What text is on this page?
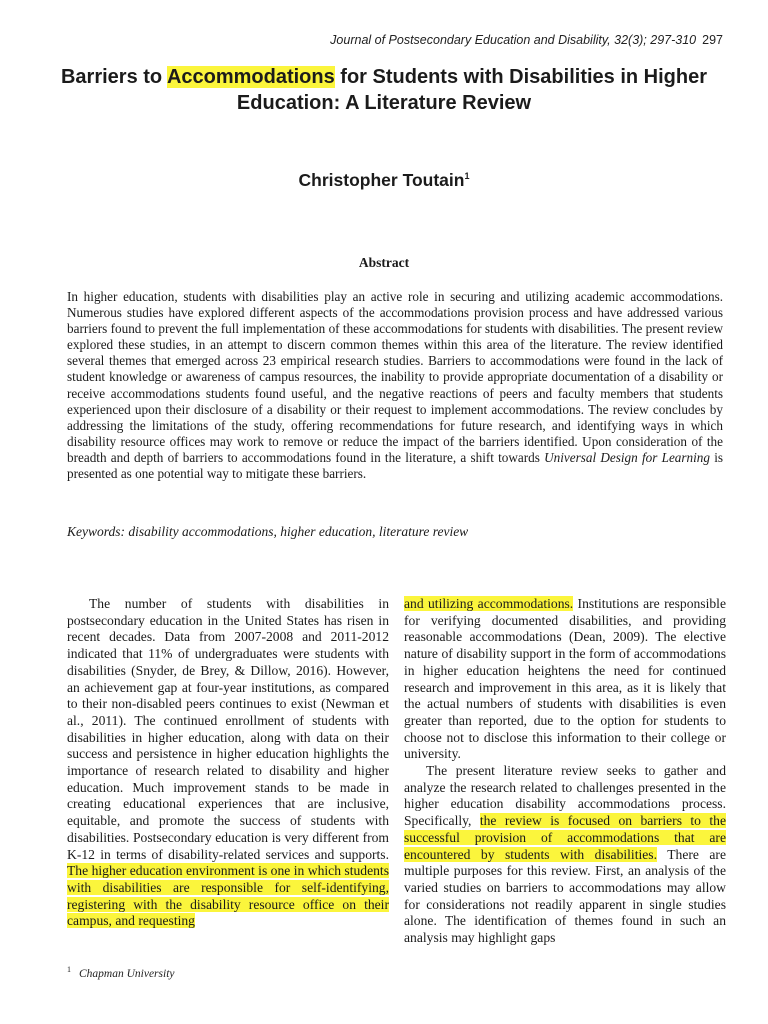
Journal of Postsecondary Education and Disability, 32(3); 297-310 297
Barriers to Accommodations for Students with Disabilities in Higher Education: A Literature Review
Christopher Toutain$^1$
Abstract
In higher education, students with disabilities play an active role in securing and utilizing academic accommodations. Numerous studies have explored different aspects of the accommodations provision process and have addressed various barriers found to prevent the full implementation of these accommodations for students with disabilities. The present review explored these studies, in an attempt to discern common themes within this area of the literature. The review identified several themes that emerged across 23 empirical research studies. Barriers to accommodations were found in the lack of student knowledge or awareness of campus resources, the inability to provide appropriate documentation of a disability or receive accommodations students found useful, and the negative reactions of peers and faculty members that students experienced upon their disclosure of a disability or their request to implement accommodations. The review concludes by addressing the limitations of the study, offering recommendations for future research, and identifying ways in which disability resource offices may work to remove or reduce the impact of the barriers identified. Upon consideration of the breadth and depth of barriers to accommodations found in the literature, a shift towards Universal Design for Learning is presented as one potential way to mitigate these barriers.
Keywords: disability accommodations, higher education, literature review

The number of students with disabilities in postsecondary education in the United States has risen in recent decades. Data from 2007-2008 and 2011-2012 indicated that 11% of undergraduates were students with disabilities (Snyder, de Brey, & Dillow, 2016). However, an achievement gap at four-year institutions, as compared to their non-disabled peers continues to exist (Newman et al., 2011). The continued enrollment of students with disabilities in higher education, along with data on their success and persistence in higher education highlights the importance of research related to disability and higher education. Much improvement stands to be made in creating educational experiences that are inclusive, equitable, and promote the success of students with disabilities. Postsecondary education is very different from K-12 in terms of disability-related services and supports. The higher education environment is one in which students with disabilities are responsible for self-identifying, registering with the disability resource office on their campus, and requesting

and utilizing accommodations. Institutions are responsible for verifying documented disabilities, and providing reasonable accommodations (Dean, 2009). The elective nature of disability support in the form of accommodations in higher education heightens the need for continued research and improvement in this area, as it is likely that the actual numbers of students with disabilities is even greater than reported, due to the option for students to choose not to disclose this information to their college or university.

The present literature review seeks to gather and analyze the research related to challenges presented in the higher education disability accommodations process. Specifically, the review is focused on barriers to the successful provision of accommodations that are encountered by students with disabilities. There are multiple purposes for this review. First, an analysis of the varied studies on barriers to accommodations may allow for considerations not readily apparent in single studies alone. The identification of themes found in such an analysis may highlight gaps

$^1$ Chapman University
